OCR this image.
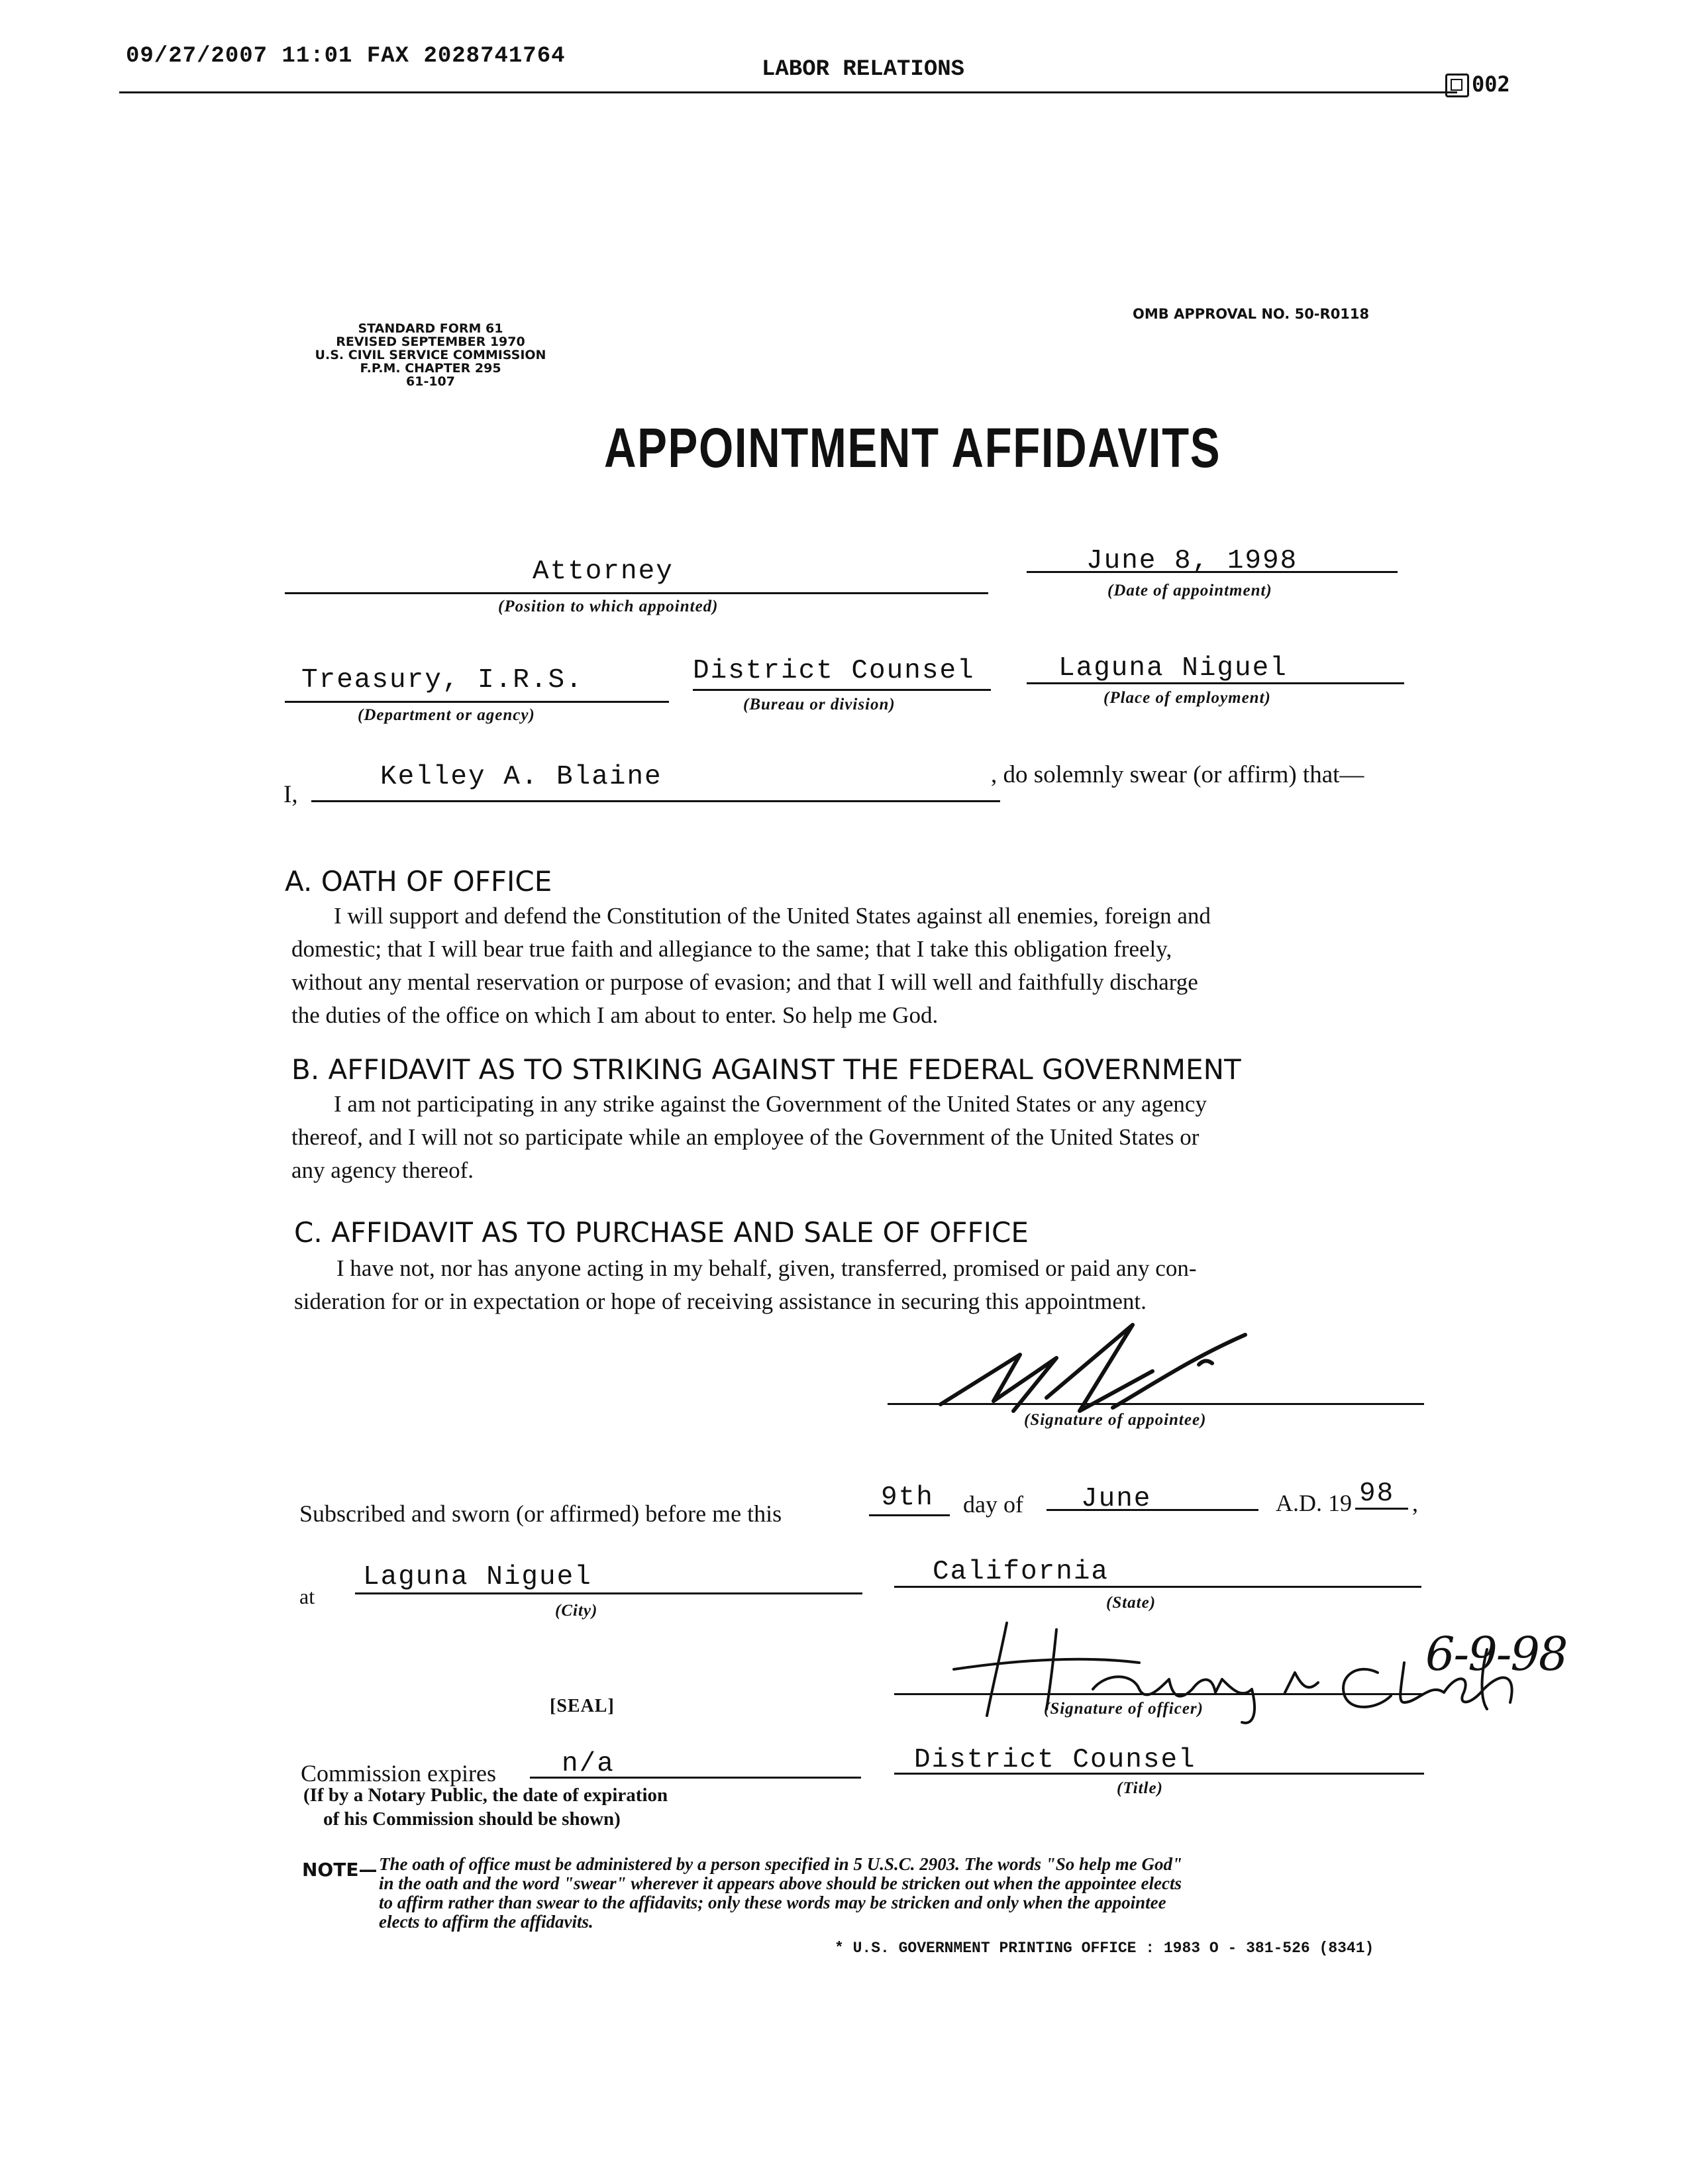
09/27/2007 11:01 FAX 2028741764
LABOR RELATIONS
002
STANDARD FORM 61
REVISED SEPTEMBER 1970
U.S. CIVIL SERVICE COMMISSION
F.P.M. CHAPTER 295
61-107
OMB APPROVAL NO. 50-R0118
APPOINTMENT AFFIDAVITS
Attorney
(Position to which appointed)
June 8, 1998
(Date of appointment)
Treasury, I.R.S.
(Department or agency)
District Counsel
(Bureau or division)
Laguna Niguel
(Place of employment)
I,
Kelley A. Blaine	, do solemnly swear (or affirm) that—
A. OATH OF OFFICE
I will support and defend the Constitution of the United States against all enemies, foreign and
domestic; that I will bear true faith and allegiance to the same; that I take this obligation freely,
without any mental reservation or purpose of evasion; and that I will well and faithfully discharge
the duties of the office on which I am about to enter. So help me God.
B. AFFIDAVIT AS TO STRIKING AGAINST THE FEDERAL GOVERNMENT
I am not participating in any strike against the Government of the United States or any agency
thereof, and I will not so participate while an employee of the Government of the United States or
any agency thereof.
C. AFFIDAVIT AS TO PURCHASE AND SALE OF OFFICE
I have not, nor has anyone acting in my behalf, given, transferred, promised or paid any con-
sideration for or in expectation or hope of receiving assistance in securing this appointment.
(Signature of appointee)
Subscribed and sworn (or affirmed) before me this
9th day of June	A.D. 19 98 ,
at
Laguna Niguel
(City)
California
(State)
6-9-98
(Signature of officer)
[SEAL]
Commission expires n/a
(If by a Notary Public, the date of expiration
of his Commission should be shown)
District Counsel
(Title)
NOTE— The oath of office must be administered by a person specified in 5 U.S.C. 2903. The words "So help me God"
in the oath and the word "swear" wherever it appears above should be stricken out when the appointee elects
to affirm rather than swear to the affidavits; only these words may be stricken and only when the appointee
elects to affirm the affidavits.
* U.S. GOVERNMENT PRINTING OFFICE : 1983 O - 381-526 (8341)
